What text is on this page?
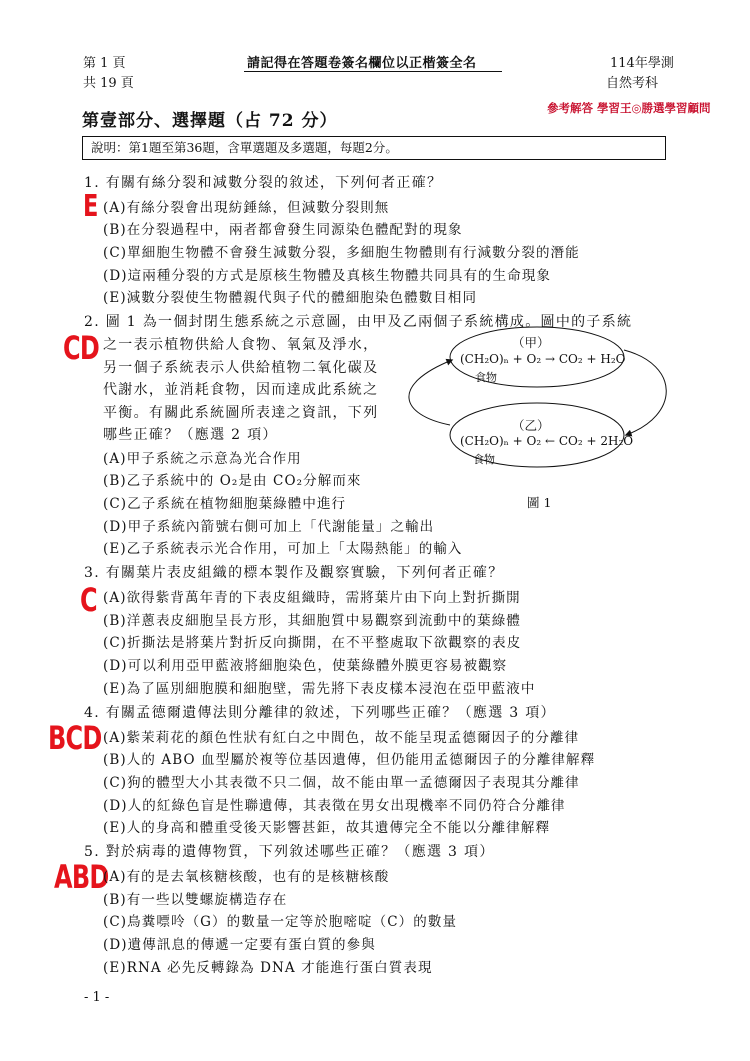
第 1 頁
共 19 頁
請記得在答題卷簽名欄位以正楷簽全名	114年學測
自然考科
參考解答 學習王◎勝選學習顧問
第壹部分、選擇題（占 72 分）
說明：第1題至第36題，含單選題及多選題，每題2分。
1. 有關有絲分裂和減數分裂的敘述，下列何者正確？
E (A)有絲分裂會出現紡錘絲，但減數分裂則無
(B)在分裂過程中，兩者都會發生同源染色體配對的現象
(C)單細胞生物體不會發生減數分裂，多細胞生物體則有行減數分裂的潛能
(D)這兩種分裂的方式是原核生物體及真核生物體共同具有的生命現象
(E)減數分裂使生物體親代與子代的體細胞染色體數目相同
2. 圖 1 為一個封閉生態系統之示意圖，由甲及乙兩個子系統構成。圖中的子系統
之一表示植物供給人食物、氧氣及淨水，
另一個子系統表示人供給植物二氧化碳及
代謝水，並消耗食物，因而達成此系統之
平衡。有關此系統圖所表達之資訊，下列
哪些正確？（應選 2 項）
CD
(A)甲子系統之示意為光合作用
(B)乙子系統中的 O₂是由 CO₂分解而來
(C)乙子系統在植物細胞葉綠體中進行
(D)甲子系統內箭號右側可加上「代謝能量」之輸出
(E)乙子系統表示光合作用，可加上「太陽熱能」的輸入
（甲）
(CH₂O)ₙ + O₂ → CO₂ + H₂O
食物
（乙）
(CH₂O)ₙ + O₂ ← CO₂ + 2H₂O
食物
圖 1
3. 有關葉片表皮組織的標本製作及觀察實驗，下列何者正確？
C (A)欲得紫背萬年青的下表皮組織時，需將葉片由下向上對折撕開
(B)洋蔥表皮細胞呈長方形，其細胞質中易觀察到流動中的葉綠體
(C)折撕法是將葉片對折反向撕開，在不平整處取下欲觀察的表皮
(D)可以利用亞甲藍液將細胞染色，使葉綠體外膜更容易被觀察
(E)為了區別細胞膜和細胞壁，需先將下表皮樣本浸泡在亞甲藍液中
4. 有關孟德爾遺傳法則分離律的敘述，下列哪些正確？（應選 3 項）
BCD (A)紫茉莉花的顏色性狀有紅白之中間色，故不能呈現孟德爾因子的分離律
(B)人的 ABO 血型屬於複等位基因遺傳，但仍能用孟德爾因子的分離律解釋
(C)狗的體型大小其表徵不只二個，故不能由單一孟德爾因子表現其分離律
(D)人的紅綠色盲是性聯遺傳，其表徵在男女出現機率不同仍符合分離律
(E)人的身高和體重受後天影響甚鉅，故其遺傳完全不能以分離律解釋
5. 對於病毒的遺傳物質，下列敘述哪些正確？（應選 3 項）
ABD
(A)有的是去氧核糖核酸，也有的是核糖核酸
(B)有一些以雙螺旋構造存在
(C)鳥糞嘌呤（G）的數量一定等於胞嘧啶（C）的數量
(D)遺傳訊息的傳遞一定要有蛋白質的參與
(E)RNA 必先反轉錄為 DNA 才能進行蛋白質表現
- 1 -
